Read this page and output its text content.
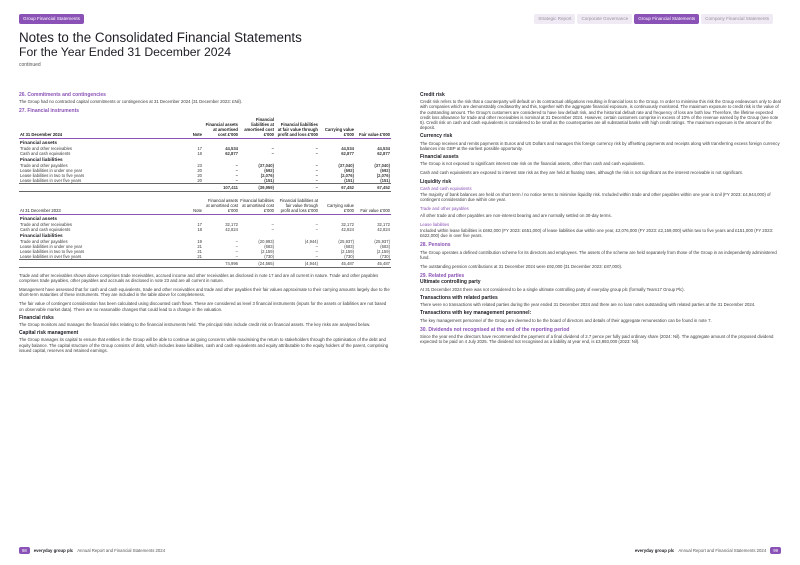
Group Financial Statements	Strategic Report	Corporate Governance	Group Financial Statements	Company Financial Statements
Notes to the Consolidated Financial Statements
For the Year Ended 31 December 2024
continued
26. Commitments and contingencies
The Group had no contracted capital commitments or contingencies at 31 December 2024 (31 December 2023: £Nil).
27. Financial instruments
At 31 December 2024	Note	Financial assets at amortised cost £'000	Financial liabilities at amortised cost £'000	Financial liabilities at fair value through profit and loss £'000	Carrying value £'000	Fair value £'000
Financial assets						
Trade and other receivables	17	44,534	–	–	44,534	44,534
Cash and cash equivalents	18	62,877	–	–	62,877	62,877
Financial liabilities						
Trade and other payables	23	–	(37,040)	–	(37,040)	(37,040)
Lease liabilities in under one year	20	–	(692)	–	(692)	(692)
Lease liabilities in two to five years	20	–	(2,076)	–	(2,076)	(2,076)
Lease liabilities in over five years	20	–	(151)	–	(151)	(151)
		107,411	(39,959)	–	67,452	67,452
At 31 December 2023	Note	Financial assets at amortised cost £'000	Financial liabilities at amortised cost £'000	Financial liabilities at fair value through profit and loss £'000	Carrying value £'000	Fair value £'000
Financial assets						
Trade and other receivables	17	32,172	–	–	32,172	32,172
Cash and cash equivalents	18	42,824	–	–	42,824	42,824
Financial liabilities						
Trade and other payables	19	–	(20,993)	(4,944)	(25,937)	(25,937)
Lease liabilities in under one year	21	–	(683)	–	(683)	(683)
Lease liabilities in two to five years	21	–	(2,159)	–	(2,159)	(2,159)
Lease liabilities in over five years	21	–	(730)	–	(730)	(730)
		74,996	(24,565)	(4,944)	45,487	45,487
Trade and other receivables shown above comprises trade receivables, accrued income and other receivables as disclosed in note 17 and are all current in nature. Trade and other payables comprises trade payables, other payables and accruals as disclosed in note 23 and are all current in nature.
Management have assessed that for cash and cash equivalents, trade and other receivables and trade and other payables their fair values approximate to their carrying amounts largely due to the short-term maturities of these instruments. They are included in the table above for completeness.
The fair value of contingent consideration has been calculated using discounted cash flows. These are considered as level 3 financial instruments (inputs for the assets or liabilities are not based on observable market data). There are no reasonable changes that could lead to a change in the valuation.
Financial risks
The Group monitors and manages the financial risks relating to the financial instruments held. The principal risks include credit risk on financial assets. The key risks are analysed below.
Capital risk management
The Group manages its capital to ensure that entities in the Group will be able to continue as going concerns while maximising the return to stakeholders through the optimisation of the debt and equity balance. The capital structure of the Group consists of debt, which includes lease liabilities, cash and cash equivalents and equity attributable to the equity holders of the parent, comprising issued capital, reserves and retained earnings.
Credit risk
Credit risk refers to the risk that a counterparty will default on its contractual obligations resulting in financial loss to the Group. In order to minimise this risk the Group endeavours only to deal with companies which are demonstrably creditworthy and this, together with the aggregate financial exposure, is continuously monitored. The maximum exposure to credit risk is the value of the outstanding amount. The Group's customers are considered to have low default risk, and the historical default rate and frequency of loss are both low. Therefore, the lifetime expected credit loss allowance for trade and other receivables is nominal at 31 December 2024. However, certain customers comprise in excess of 10% of the revenue earned by the Group (see note 5). Credit risk on cash and cash equivalents is considered to be small as the counterparties are all substantial banks with high credit ratings. The maximum exposure is the amount of the deposit.
Currency risk
The Group receives and remits payments in Euros and US Dollars and manages this foreign currency risk by offsetting payments and receipts along with transferring excess foreign currency balances into GBP at the earliest possible opportunity.
Financial assets
The Group is not exposed to significant interest rate risk on the financial assets, other than cash and cash equivalents.
Cash and cash equivalents are exposed to interest rate risk as they are held at floating rates, although the risk is not significant as the interest receivable is not significant.
Liquidity risk
Cash and cash equivalents
The majority of bank balances are held on short term / no notice terms to minimise liquidity risk. Included within trade and other payables within one year is £nil (FY 2023: £4,944,000) of contingent consideration due within one year.
Trade and other payables
All other trade and other payables are non-interest bearing and are normally settled on 30-day terms.
Lease liabilities
Included within lease liabilities is £692,000 (FY 2023: £651,000) of lease liabilities due within one year, £2,076,000 (FY 2023: £2,159,000) within two to five years and £151,000 (FY 2023: £622,000) due in over five years.
28. Pensions
The Group operates a defined contribution scheme for its directors and employees. The assets of the scheme are held separately from those of the Group in an independently administered fund.
The outstanding pension contributions at 31 December 2024 were £92,000 (31 December 2023: £87,000).
29. Related parties
Ultimate controlling party
At 31 December 2024 there was not considered to be a single ultimate controlling party of everyday group plc (formally Team17 Group Plc).
Transactions with related parties
There were no transactions with related parties during the year ended 31 December 2024 and there are no loan notes outstanding with related parties at the 31 December 2024.
Transactions with key management personnel:
The key management personnel of the Group are deemed to be the board of directors and details of their aggregate remuneration can be found in note 7.
30. Dividends not recognised at the end of the reporting period
Since the year end the directors have recommended the payment of a final dividend of 2.7 pence per fully paid ordinary share (2024: Nil). The aggregate amount of the proposed dividend expected to be paid on 4 July 2025. The dividend not recognised as a liability at year end, is £3,893,000 (2023: Nil).
98	everyday group plc Annual Report and Financial Statements 2024	everyday group plc Annual Report and Financial Statements 2024	99
